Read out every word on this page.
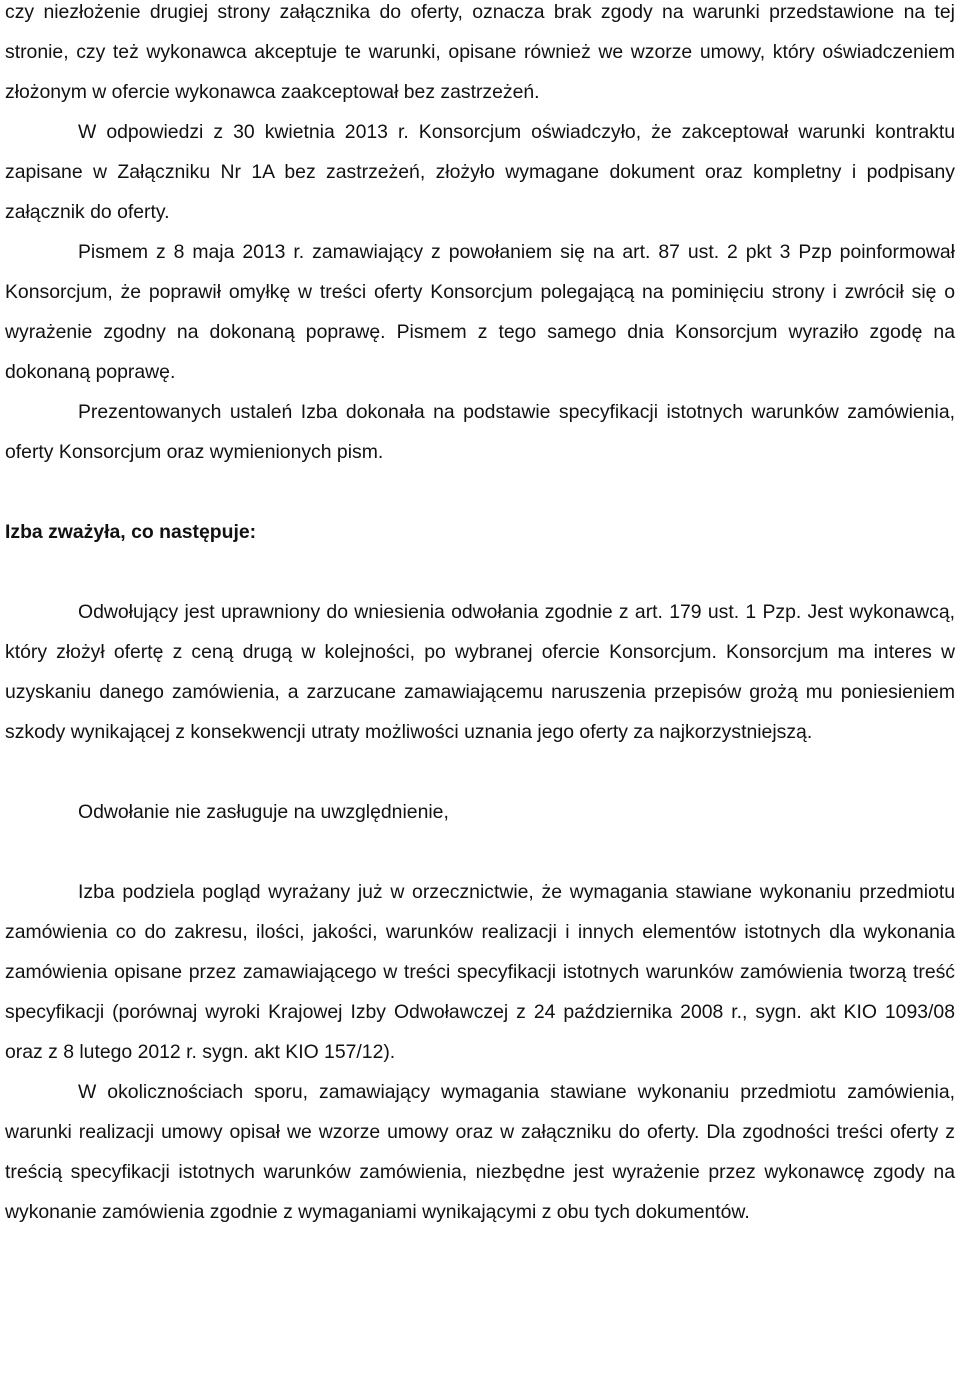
czy niezłożenie drugiej strony załącznika do oferty, oznacza brak zgody na warunki przedstawione na tej stronie, czy też wykonawca akceptuje te warunki, opisane również we wzorze umowy, który oświadczeniem złożonym w ofercie wykonawca zaakceptował bez zastrzeżeń.

W odpowiedzi z 30 kwietnia 2013 r. Konsorcjum oświadczyło, że zakceptował warunki kontraktu zapisane w Załączniku Nr 1A bez zastrzeżeń, złożyło wymagane dokument oraz kompletny i podpisany załącznik do oferty.

Pismem z 8 maja 2013 r. zamawiający z powołaniem się na art. 87 ust. 2 pkt 3 Pzp poinformował Konsorcjum, że poprawił omyłkę w treści oferty Konsorcjum polegającą na pominięciu strony i zwrócił się o wyrażenie zgodny na dokonaną poprawę. Pismem z tego samego dnia Konsorcjum wyraziło zgodę na dokonaną poprawę.

Prezentowanych ustaleń Izba dokonała na podstawie specyfikacji istotnych warunków zamówienia, oferty Konsorcjum oraz wymienionych pism.

Izba zważyła, co następuje:

Odwołujący jest uprawniony do wniesienia odwołania zgodnie z art. 179 ust. 1 Pzp. Jest wykonawcą, który złożył ofertę z ceną drugą w kolejności, po wybranej ofercie Konsorcjum. Konsorcjum ma interes w uzyskaniu danego zamówienia, a zarzucane zamawiającemu naruszenia przepisów grożą mu poniesieniem szkody wynikającej z konsekwencji utraty możliwości uznania jego oferty za najkorzystniejszą.

Odwołanie nie zasługuje na uwzględnienie,

Izba podziela pogląd wyrażany już w orzecznictwie, że wymagania stawiane wykonaniu przedmiotu zamówienia co do zakresu, ilości, jakości, warunków realizacji i innych elementów istotnych dla wykonania zamówienia opisane przez zamawiającego w treści specyfikacji istotnych warunków zamówienia tworzą treść specyfikacji (porównaj wyroki Krajowej Izby Odwoławczej z 24 października 2008 r., sygn. akt KIO 1093/08 oraz z 8 lutego 2012 r. sygn. akt KIO 157/12).

W okolicznościach sporu, zamawiający wymagania stawiane wykonaniu przedmiotu zamówienia, warunki realizacji umowy opisał we wzorze umowy oraz w załączniku do oferty. Dla zgodności treści oferty z treścią specyfikacji istotnych warunków zamówienia, niezbędne jest wyrażenie przez wykonawcę zgody na wykonanie zamówienia zgodnie z wymaganiami wynikającymi z obu tych dokumentów.
